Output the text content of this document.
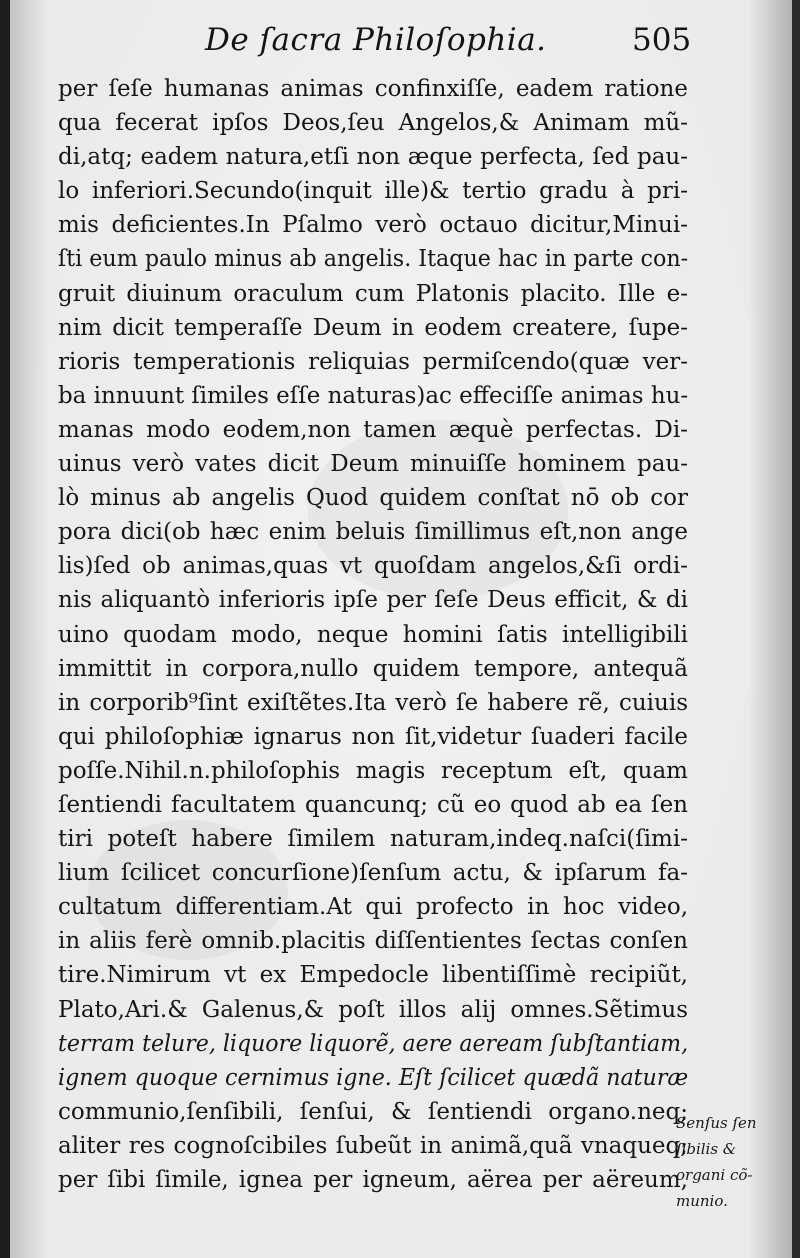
De ſacra Philoſophia.	505
per ſeſe humanas animas confinxiſſe, eadem ratione
qua fecerat ipſos Deos,ſeu Angelos,& Animam mũ-
di,atq; eadem natura,etſi non æque perfecta, ſed pau-
lo inferiori.Secundo(inquit ille)& tertio gradu à pri-
mis deficientes.In Pſalmo verò octauo dicitur,Minui-
ſti eum paulo minus ab angelis. Itaque hac in parte con-
gruit diuinum oraculum cum Platonis placito. Ille e-
nim dicit temperaſſe Deum in eodem createre, ſupe-
rioris temperationis reliquias permiſcendo(quæ ver-
ba innuunt ſimiles eſſe naturas)ac effeciſſe animas hu-
manas modo eodem,non tamen æquè perfectas. Di-
uinus verò vates dicit Deum minuiſſe hominem pau-
lò minus ab angelis Quod quidem conſtat nō ob cor
pora dici(ob hæc enim beluis ſimillimus eſt,non ange
lis)ſed ob animas,quas vt quoſdam angelos,&ſi ordi-
nis aliquantò inferioris ipſe per ſeſe Deus efficit, & di
uino quodam modo, neque homini ſatis intelligibili
immittit in corpora,nullo quidem tempore, antequã
in corporib⁹ſint exiſtẽtes.Ita verò ſe habere rẽ, cuiuis
qui philoſophiæ ignarus non ſit,videtur ſuaderi facile
poſſe.Nihil.n.philoſophis magis receptum eſt, quam
ſentiendi facultatem quancunq; cũ eo quod ab ea ſen
tiri poteſt habere ſimilem naturam,indeq.naſci(ſimi-
lium ſcilicet concurſione)ſenſum actu, & ipſarum fa-
cultatum differentiam.At qui profecto in hoc video,
in aliis ferè omnib.placitis diſſentientes ſectas conſen
tire.Nimirum vt ex Empedocle libentiſſimè recipiũt,
Plato,Ari.& Galenus,& poſt illos alij omnes.Sẽtimus
terram telure, liquore liquorẽ, aere aeream ſubſtantiam,
ignem quoque cernimus igne. Eſt ſcilicet quædã naturæ
communio,ſenſibili, ſenſui, & ſentiendi organo.neq;
aliter res cognoſcibiles ſubeũt in animã,quã vnaqueq;
per ſibi ſimile, ignea per igneum, aërea per aëreum,
Senſus ſen
ſibilis &
organi cõ-
munio.
